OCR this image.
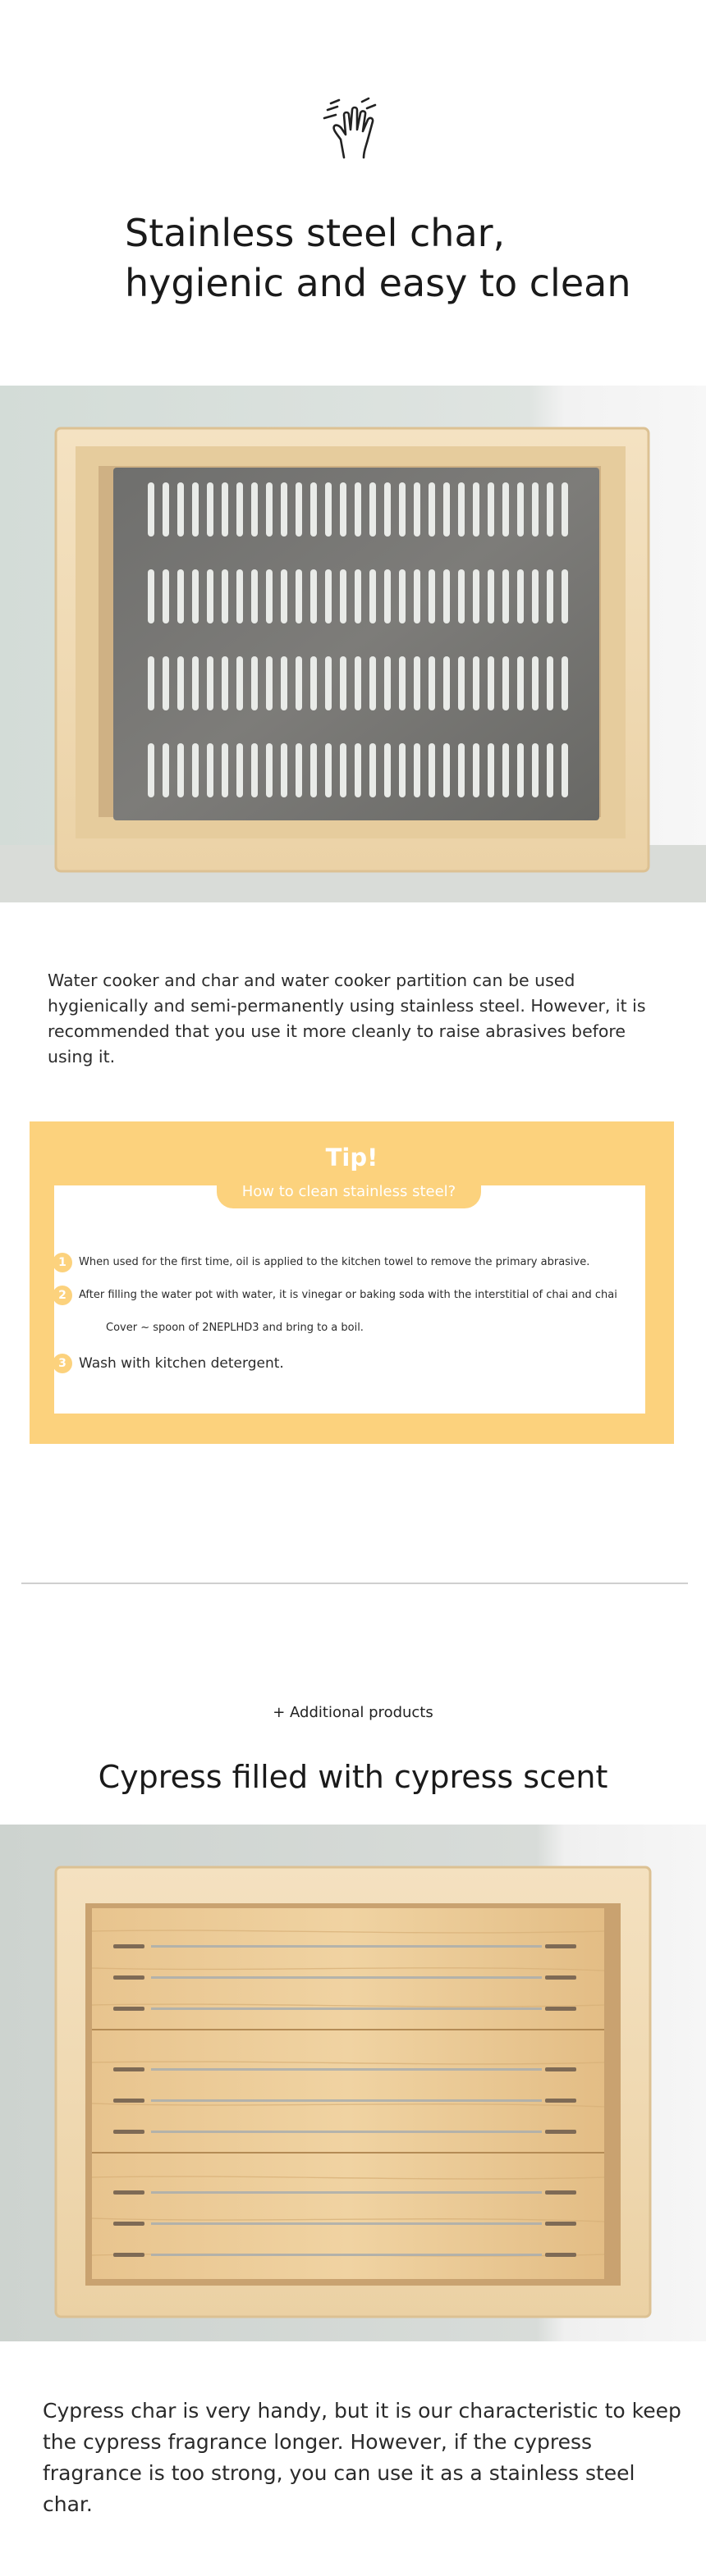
Stainless steel char,
hygienic and easy to clean

Water cooker and char and water cooker partition can be used hygienically and semi-permanently using stainless steel. However, it is recommended that you use it more cleanly to raise abrasives before using it.

Tip!
How to clean stainless steel?
1	When used for the first time, oil is applied to the kitchen towel to remove the primary abrasive.
2	After filling the water pot with water, it is vinegar or baking soda with the interstitial of chai and chai
Cover ~ spoon of 2NEPLHD3 and bring to a boil.
3 Wash with kitchen detergent.
+ Additional products
Cypress filled with cypress scent

Cypress char is very handy, but it is our characteristic to keep the cypress fragrance longer. However, if the cypress fragrance is too strong, you can use it as a stainless steel char.
